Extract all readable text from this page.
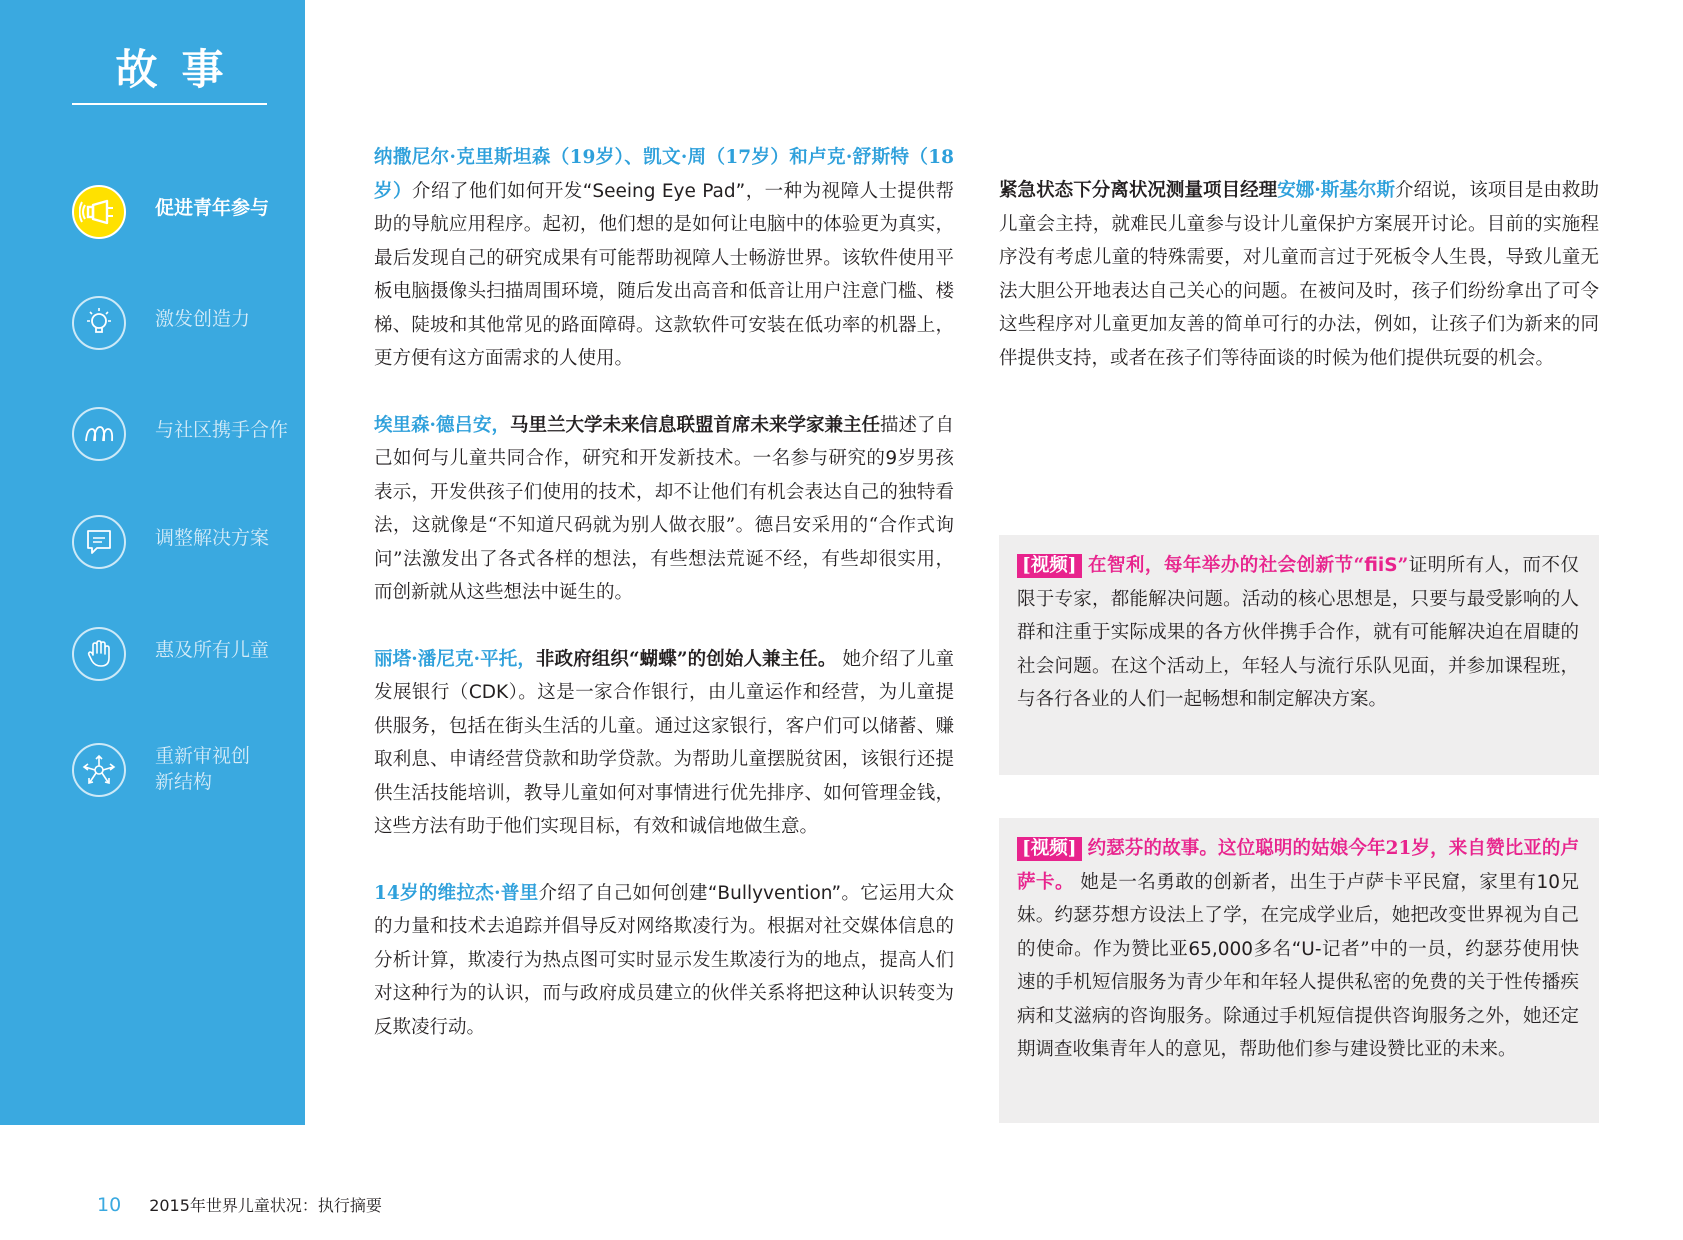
故事
促进青年参与
激发创造力
与社区携手合作
调整解决方案
惠及所有儿童
重新审视创
新结构

纳撒尼尔·克里斯坦森（19岁）、凯文·周（17岁）和卢克·舒斯特（18岁）介绍了他们如何开发“Seeing Eye Pad”，一种为视障人士提供帮助的导航应用程序。起初，他们想的是如何让电脑中的体验更为真实，最后发现自己的研究成果有可能帮助视障人士畅游世界。该软件使用平板电脑摄像头扫描周围环境，随后发出高音和低音让用户注意门槛、楼梯、陡坡和其他常见的路面障碍。这款软件可安装在低功率的机器上，更方便有这方面需求的人使用。

埃里森·德吕安，马里兰大学未来信息联盟首席未来学家兼主任描述了自己如何与儿童共同合作，研究和开发新技术。一名参与研究的9岁男孩表示，开发供孩子们使用的技术，却不让他们有机会表达自己的独特看法，这就像是“不知道尺码就为别人做衣服”。德吕安采用的“合作式询问”法激发出了各式各样的想法，有些想法荒诞不经，有些却很实用，而创新就从这些想法中诞生的。

丽塔·潘尼克·平托，非政府组织“蝴蝶”的创始人兼主任。 她介绍了儿童发展银行（CDK）。这是一家合作银行，由儿童运作和经营，为儿童提供服务，包括在街头生活的儿童。通过这家银行，客户们可以储蓄、赚取利息、申请经营贷款和助学贷款。为帮助儿童摆脱贫困，该银行还提供生活技能培训，教导儿童如何对事情进行优先排序、如何管理金钱，这些方法有助于他们实现目标，有效和诚信地做生意。

14岁的维拉杰·普里介绍了自己如何创建“Bullyvention”。它运用大众的力量和技术去追踪并倡导反对网络欺凌行为。根据对社交媒体信息的分析计算，欺凌行为热点图可实时显示发生欺凌行为的地点，提高人们对这种行为的认识，而与政府成员建立的伙伴关系将把这种认识转变为反欺凌行动。

紧急状态下分离状况测量项目经理安娜·斯基尔斯介绍说，该项目是由救助儿童会主持，就难民儿童参与设计儿童保护方案展开讨论。目前的实施程序没有考虑儿童的特殊需要，对儿童而言过于死板令人生畏，导致儿童无法大胆公开地表达自己关心的问题。在被问及时，孩子们纷纷拿出了可令这些程序对儿童更加友善的简单可行的办法，例如，让孩子们为新来的同伴提供支持，或者在孩子们等待面谈的时候为他们提供玩耍的机会。

[视频] 在智利，每年举办的社会创新节“fiiS”证明所有人，而不仅限于专家，都能解决问题。活动的核心思想是，只要与最受影响的人群和注重于实际成果的各方伙伴携手合作，就有可能解决迫在眉睫的社会问题。在这个活动上，年轻人与流行乐队见面，并参加课程班，与各行各业的人们一起畅想和制定解决方案。
[视频] 约瑟芬的故事。这位聪明的姑娘今年21岁，来自赞比亚的卢萨卡。 她是一名勇敢的创新者，出生于卢萨卡平民窟，家里有10兄妹。约瑟芬想方设法上了学，在完成学业后，她把改变世界视为自己的使命。作为赞比亚65,000多名“U-记者”中的一员，约瑟芬使用快速的手机短信服务为青少年和年轻人提供私密的免费的关于性传播疾病和艾滋病的咨询服务。除通过手机短信提供咨询服务之外，她还定期调查收集青年人的意见，帮助他们参与建设赞比亚的未来。
10 2015年世界儿童状况：执行摘要
